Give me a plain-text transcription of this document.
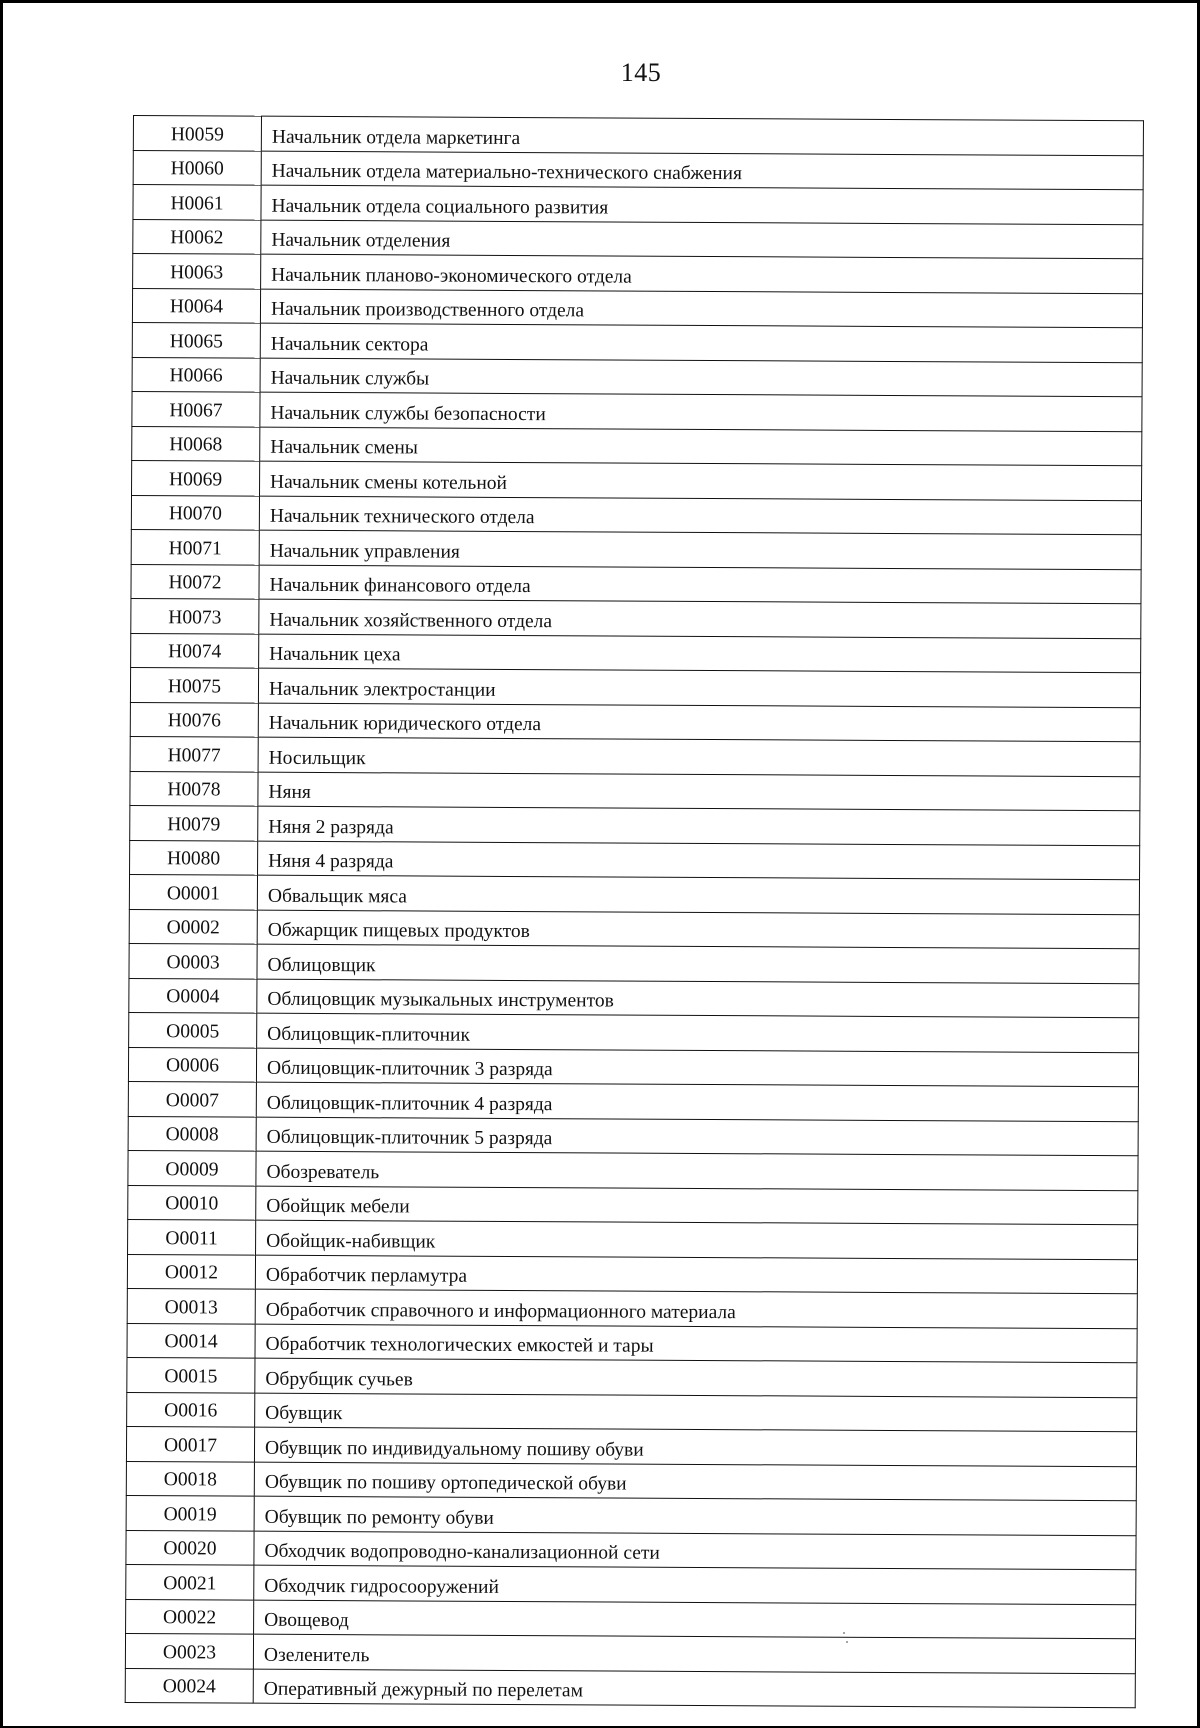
145
Н0059	Начальник отдела маркетинга
Н0060	Начальник отдела материально-технического снабжения
Н0061	Начальник отдела социального развития
Н0062	Начальник отделения
Н0063	Начальник планово-экономического отдела
Н0064	Начальник производственного отдела
Н0065	Начальник сектора
Н0066	Начальник службы
Н0067	Начальник службы безопасности
Н0068	Начальник смены
Н0069	Начальник смены котельной
Н0070	Начальник технического отдела
Н0071	Начальник управления
Н0072	Начальник финансового отдела
Н0073	Начальник хозяйственного отдела
Н0074	Начальник цеха
Н0075	Начальник электростанции
Н0076	Начальник юридического отдела
Н0077	Носильщик
Н0078	Няня
Н0079	Няня 2 разряда
Н0080	Няня 4 разряда
О0001	Обвальщик мяса
О0002	Обжарщик пищевых продуктов
О0003	Облицовщик
О0004	Облицовщик музыкальных инструментов
О0005	Облицовщик-плиточник
О0006	Облицовщик-плиточник 3 разряда
О0007	Облицовщик-плиточник 4 разряда
О0008	Облицовщик-плиточник 5 разряда
О0009	Обозреватель
О0010	Обойщик мебели
О0011	Обойщик-набивщик
О0012	Обработчик перламутра
О0013	Обработчик справочного и информационного материала
О0014	Обработчик технологических емкостей и тары
О0015	Обрубщик сучьев
О0016	Обувщик
О0017	Обувщик по индивидуальному пошиву обуви
О0018	Обувщик по пошиву ортопедической обуви
О0019	Обувщик по ремонту обуви
О0020	Обходчик водопроводно-канализационной сети
О0021	Обходчик гидросооружений
О0022	Овощевод
О0023	Озеленитель
О0024	Оперативный дежурный по перелетам
